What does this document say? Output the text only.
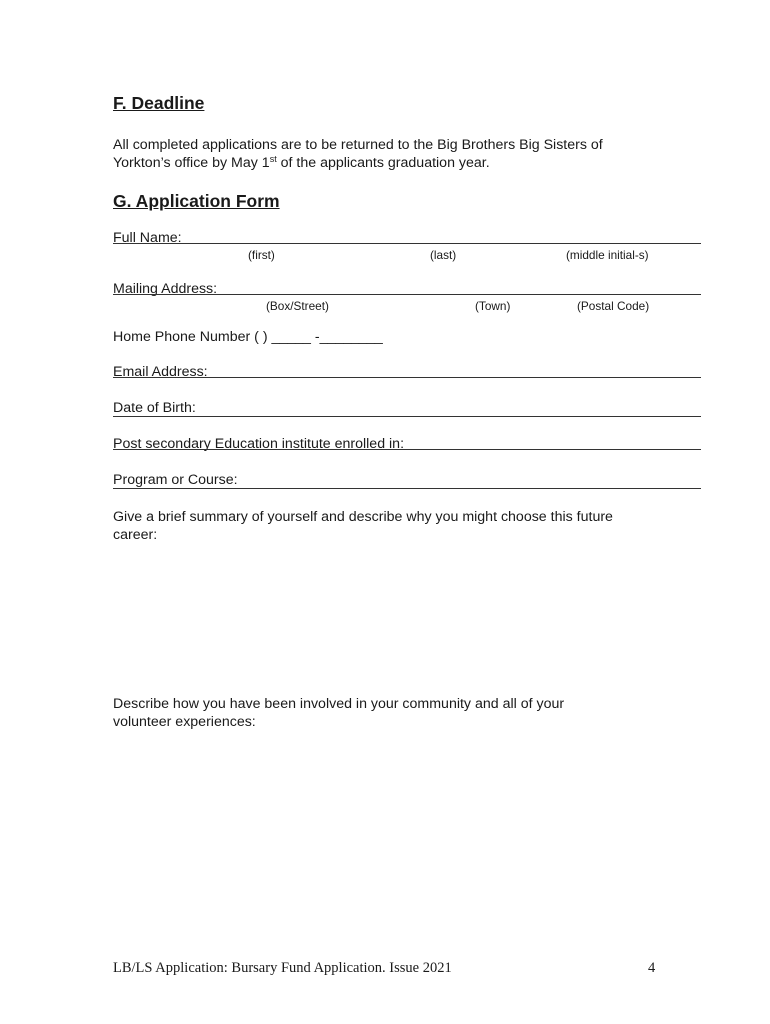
F. Deadline
All completed applications are to be returned to the Big Brothers Big Sisters of
Yorkton’s office by May 1st of the applicants graduation year.
G. Application Form
Full Name:
(first)	(last)	(middle initial-s)
Mailing Address:
(Box/Street)	(Town)	(Postal Code)
Home Phone Number ( ) _____ -________
Email Address:
Date of Birth:
Post secondary Education institute enrolled in:
Program or Course:
Give a brief summary of yourself and describe why you might choose this future
career:
Describe how you have been involved in your community and all of your
volunteer experiences:
LB/LS Application: Bursary Fund Application. Issue 2021	4
